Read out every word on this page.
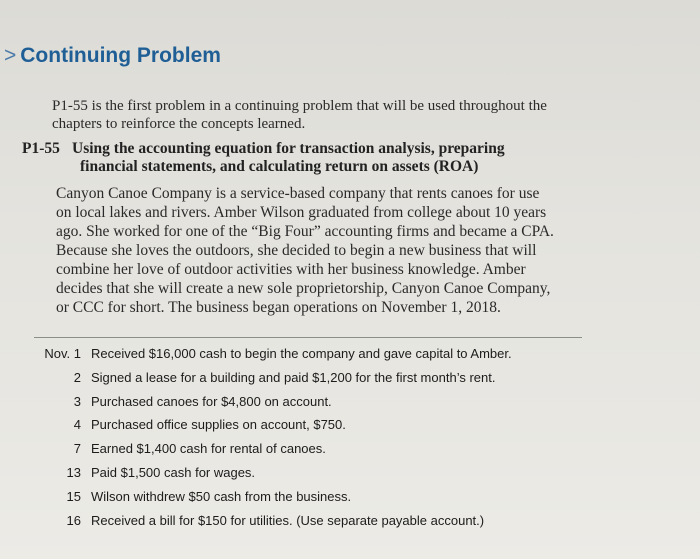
> Continuing Problem
P1-55 is the first problem in a continuing problem that will be used throughout the
chapters to reinforce the concepts learned.
P1-55 Using the accounting equation for transaction analysis, preparing
financial statements, and calculating return on assets (ROA)
Canyon Canoe Company is a service-based company that rents canoes for use
on local lakes and rivers. Amber Wilson graduated from college about 10 years
ago. She worked for one of the “Big Four” accounting firms and became a CPA.
Because she loves the outdoors, she decided to begin a new business that will
combine her love of outdoor activities with her business knowledge. Amber
decides that she will create a new sole proprietorship, Canyon Canoe Company,
or CCC for short. The business began operations on November 1, 2018.
Nov. 1 Received $16,000 cash to begin the company and gave capital to Amber.
2 Signed a lease for a building and paid $1,200 for the first month’s rent.
3 Purchased canoes for $4,800 on account.
4 Purchased office supplies on account, $750.
7 Earned $1,400 cash for rental of canoes.
13 Paid $1,500 cash for wages.
15 Wilson withdrew $50 cash from the business.
16 Received a bill for $150 for utilities. (Use separate payable account.)
